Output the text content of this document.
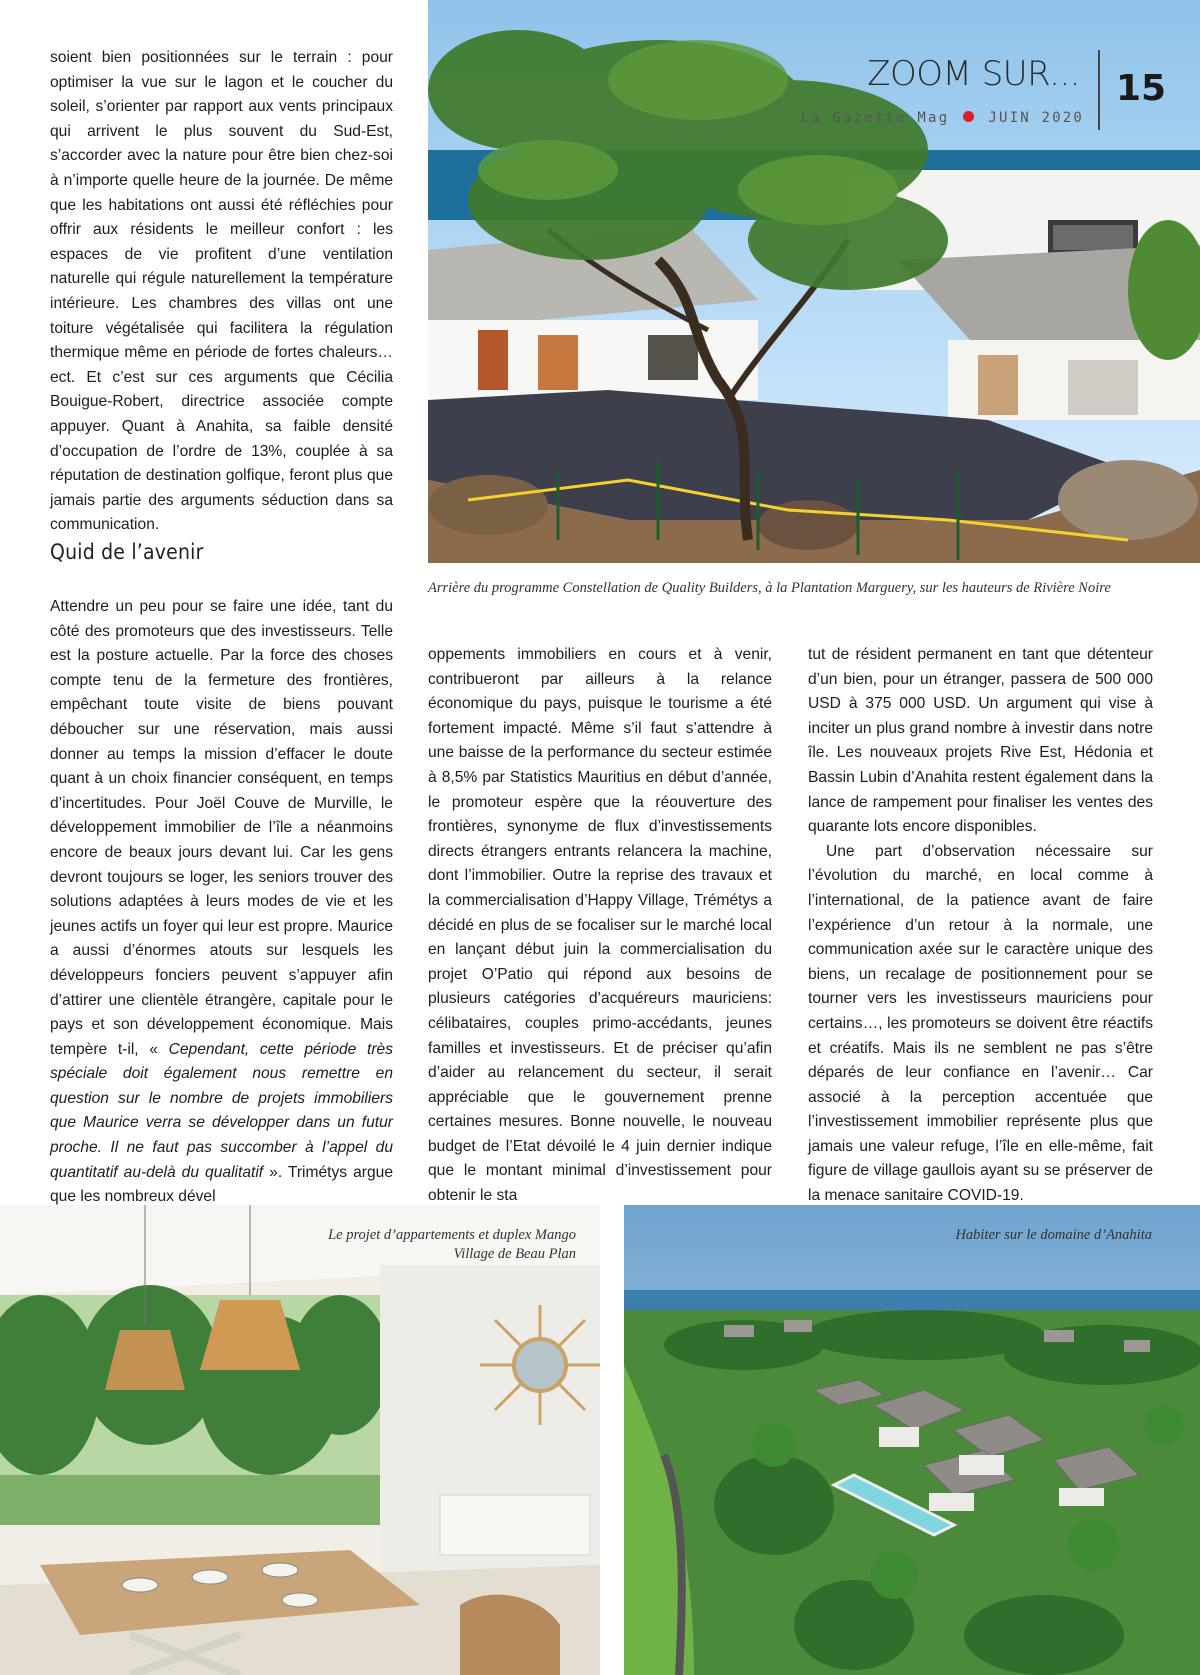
ZOOM SUR... 15
La Gazette Mag	JUIN 2020

soient bien positionnées sur le terrain : pour optimiser la vue sur le lagon et le coucher du soleil, s’orienter par rapport aux vents principaux qui arrivent le plus souvent du Sud-Est, s’accorder avec la nature pour être bien chez-soi à n’importe quelle heure de la journée. De même que les habitations ont aussi été réfléchies pour offrir aux résidents le meilleur confort : les espaces de vie profitent d’une ventilation naturelle qui régule naturellement la température intérieure. Les chambres des villas ont une toiture végétalisée qui facilitera la régulation thermique même en période de fortes chaleurs… ect. Et c’est sur ces arguments que Cécilia Bouigue-Robert, directrice associée compte appuyer. Quant à Anahita, sa faible densité d’occupation de l’ordre de 13%, couplée à sa réputation de destination golfique, feront plus que jamais partie des arguments séduction dans sa communication.

Quid de l’avenir

Attendre un peu pour se faire une idée, tant du côté des promoteurs que des investisseurs. Telle est la posture actuelle. Par la force des choses compte tenu de la fermeture des frontières, empêchant toute visite de biens pouvant déboucher sur une réservation, mais aussi donner au temps la mission d’effacer le doute quant à un choix financier conséquent, en temps d’incertitudes. Pour Joël Couve de Murville, le développement immobilier de l’île a néanmoins encore de beaux jours devant lui. Car les gens devront toujours se loger, les seniors trouver des solutions adaptées à leurs modes de vie et les jeunes actifs un foyer qui leur est propre. Maurice a aussi d’énormes atouts sur lesquels les développeurs fonciers peuvent s’appuyer afin d’attirer une clientèle étrangère, capitale pour le pays et son développement économique. Mais tempère t-il, « Cependant, cette période très spéciale doit également nous remettre en question sur le nombre de projets immobiliers que Maurice verra se développer dans un futur proche. Il ne faut pas succomber à l’appel du quantitatif au-delà du qualitatif ». Trimétys argue que les nombreux dével

oppements immobiliers en cours et à venir, contribueront par ailleurs à la relance économique du pays, puisque le tourisme a été fortement impacté. Même s’il faut s’attendre à une baisse de la performance du secteur estimée à 8,5% par Statistics Mauritius en début d’année, le promoteur espère que la réouverture des frontières, synonyme de flux d’investissements directs étrangers entrants relancera la machine, dont l’immobilier. Outre la reprise des travaux et la commercialisation d’Happy Village, Trémétys a décidé en plus de se focaliser sur le marché local en lançant début juin la commercialisation du projet O’Patio qui répond aux besoins de plusieurs catégories d’acquéreurs mauriciens: célibataires, couples primo-accédants, jeunes familles et investisseurs. Et de préciser qu’afin d’aider au relancement du secteur, il serait appréciable que le gouvernement prenne certaines mesures. Bonne nouvelle, le nouveau budget de l’Etat dévoilé le 4 juin dernier indique que le montant minimal d’investissement pour obtenir le sta

tut de résident permanent en tant que détenteur d’un bien, pour un étranger, passera de 500 000 USD à 375 000 USD. Un argument qui vise à inciter un plus grand nombre à investir dans notre île. Les nouveaux projets Rive Est, Hédonia et Bassin Lubin d’Anahita restent également dans la lance de rampement pour finaliser les ventes des quarante lots encore disponibles.

Une part d’observation nécessaire sur l’évolution du marché, en local comme à l’international, de la patience avant de faire l’expérience d’un retour à la normale, une communication axée sur le caractère unique des biens, un recalage de positionnement pour se tourner vers les investisseurs mauriciens pour certains…, les promoteurs se doivent être réactifs et créatifs. Mais ils ne semblent ne pas s’être déparés de leur confiance en l’avenir… Car associé à la perception accentuée que l’investissement immobilier représente plus que jamais une valeur refuge, l’île en elle-même, fait figure de village gaullois ayant su se préserver de la menace sanitaire COVID-19.

Arrière du programme Constellation de Quality Builders, à la Plantation Marguery, sur les hauteurs de Rivière Noire
Le projet d’appartements et duplex Mango Village de Beau Plan
Habiter sur le domaine d’Anahita
